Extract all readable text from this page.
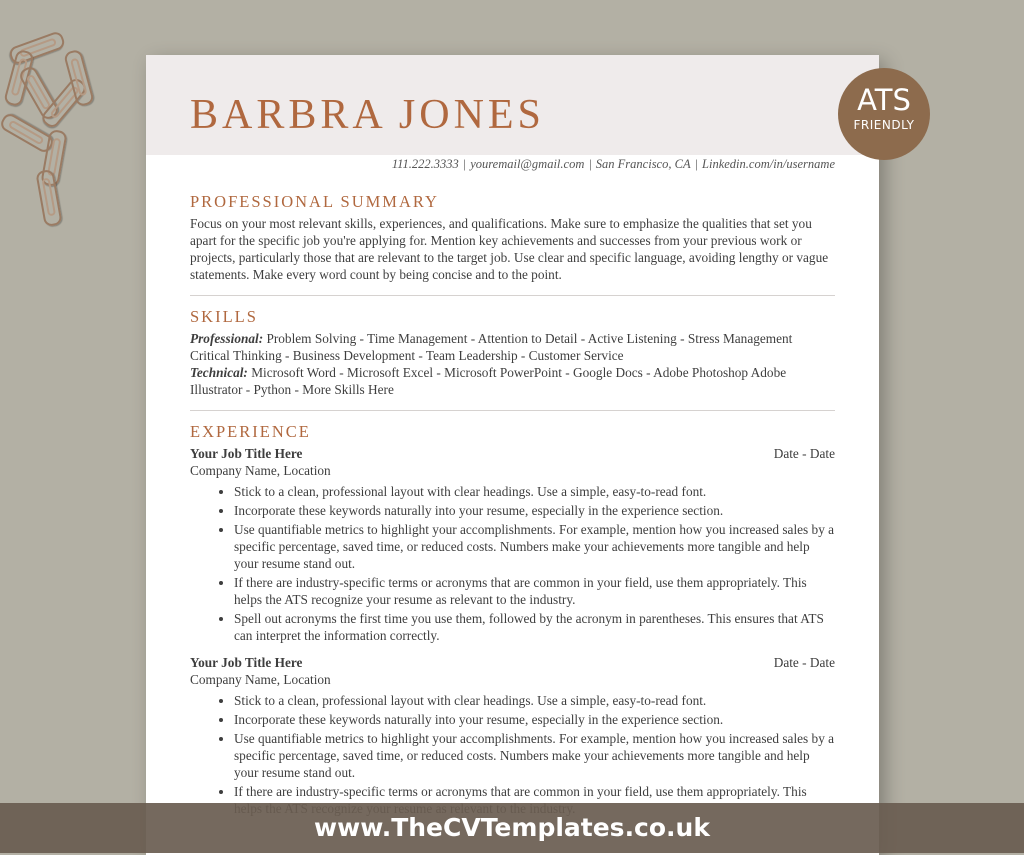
BARBRA JONES
111.222.3333 | youremail@gmail.com | San Francisco, CA | Linkedin.com/in/username
PROFESSIONAL SUMMARY

Focus on your most relevant skills, experiences, and qualifications. Make sure to emphasize the qualities that set you apart for the specific job you're applying for. Mention key achievements and successes from your previous work or projects, particularly those that are relevant to the target job. Use clear and specific language, avoiding lengthy or vague statements. Make every word count by being concise and to the point.

SKILLS

Professional: Problem Solving - Time Management - Attention to Detail - Active Listening - Stress Management Critical Thinking - Business Development - Team Leadership - Customer Service

Technical: Microsoft Word - Microsoft Excel - Microsoft PowerPoint - Google Docs - Adobe Photoshop Adobe Illustrator - Python - More Skills Here

EXPERIENCE
Your Job Title Here	Date - Date
Company Name, Location
• Stick to a clean, professional layout with clear headings. Use a simple, easy-to-read font.
• Incorporate these keywords naturally into your resume, especially in the experience section.
• Use quantifiable metrics to highlight your accomplishments. For example, mention how you increased sales by a specific percentage, saved time, or reduced costs. Numbers make your achievements more tangible and help your resume stand out.
• If there are industry-specific terms or acronyms that are common in your field, use them appropriately. This helps the ATS recognize your resume as relevant to the industry.
• Spell out acronyms the first time you use them, followed by the acronym in parentheses. This ensures that ATS can interpret the information correctly.
Your Job Title Here	Date - Date
Company Name, Location
• Stick to a clean, professional layout with clear headings. Use a simple, easy-to-read font.
• Incorporate these keywords naturally into your resume, especially in the experience section.
• Use quantifiable metrics to highlight your accomplishments. For example, mention how you increased sales by a specific percentage, saved time, or reduced costs. Numbers make your achievements more tangible and help your resume stand out.
• If there are industry-specific terms or acronyms that are common in your field, use them appropriately. This
ATS
FRIENDLY
www.TheCVTemplates.co.uk
